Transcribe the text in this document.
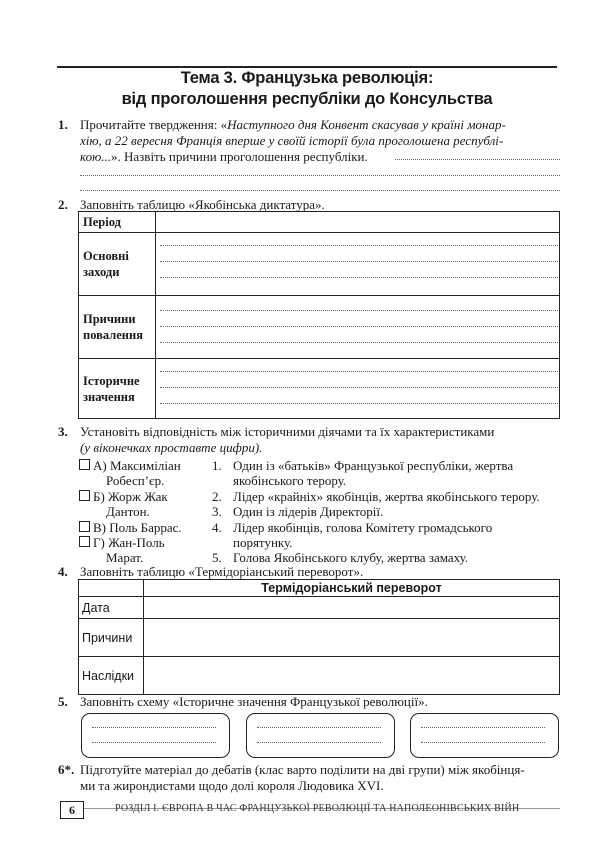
Тема 3. Французька революція:
від проголошення республіки до Консульства
1. Прочитайте твердження: «Наступного дня Конвент скасував у країні монар-
хію, а 22 вересня Франція вперше у своїй історії була проголошена республі-
кою...». Назвіть причини проголошення республіки.
2. Заповніть таблицю «Якобінська диктатура».
Період	
Основні
заходи	

Причини
повалення	

Історичне
значення	
3. Установіть відповідність між історичними діячами та їх характеристиками
(у віконечках проставте цифри).
А) Максиміліан
Робесп’єр.
Б) Жорж Жак
Дантон.
В) Поль Баррас.
Г) Жан-Поль
Марат.
1. Один із «батьків» Французької республіки, жертва
якобінського терору.
2. Лідер «крайніх» якобінців, жертва якобінського терору.
3. Один із лідерів Директорії.
4. Лідер якобінців, голова Комітету громадського
порятунку.
5. Голова Якобінського клубу, жертва замаху.
4. Заповніть таблицю «Термідоріанський переворот».
	Термідоріанський переворот
Дата	
Причини	
Наслідки	
5. Заповніть схему «Історичне значення Французької революції».
6*. Підготуйте матеріал до дебатів (клас варто поділити на дві групи) між якобінця-
ми та жирондистами щодо долі короля Людовика XVI.
6	РОЗДІЛ I. ЄВРОПА В ЧАС ФРАНЦУЗЬКОЇ РЕВОЛЮЦІЇ ТА НАПОЛЕОНІВСЬКИХ ВІЙН
